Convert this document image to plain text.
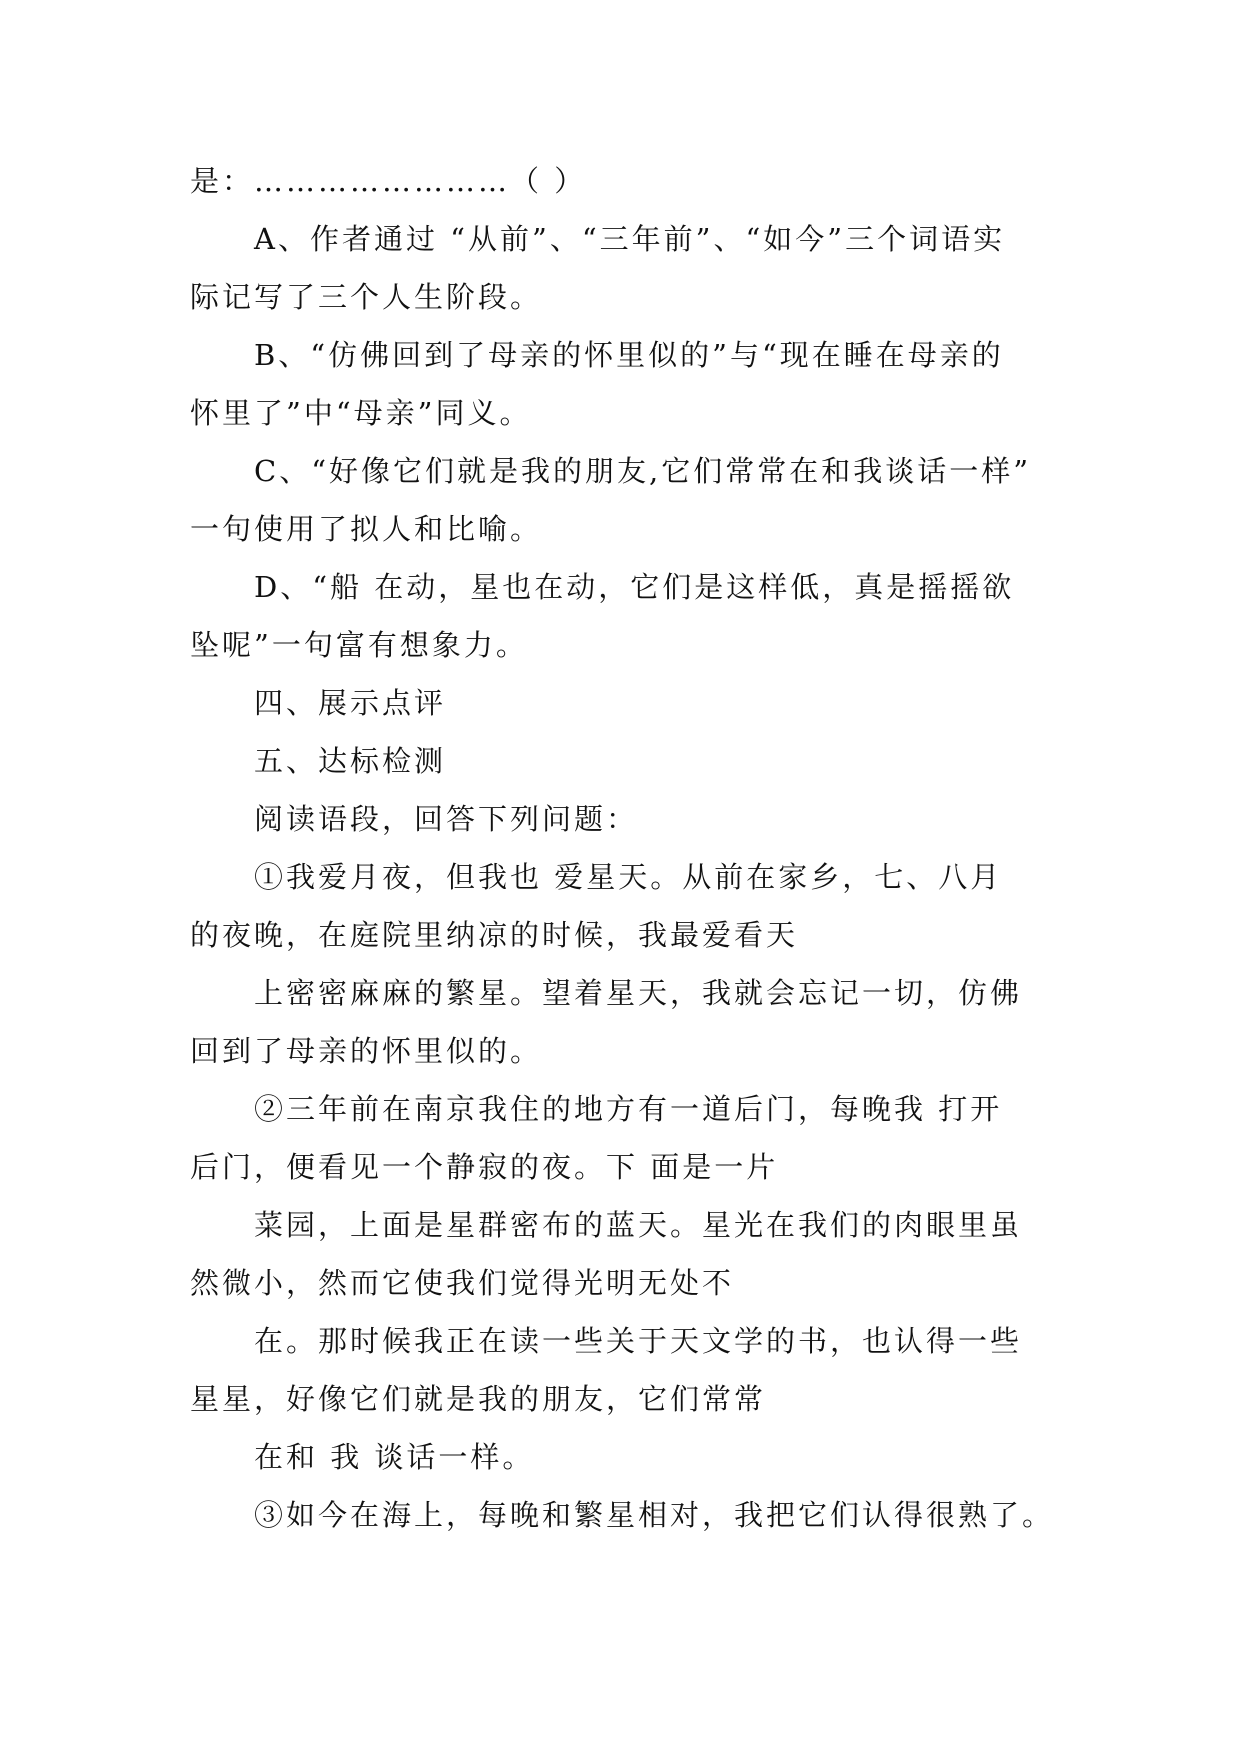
是：……………………（ ）
A、作者通过 “从前”、“三年前”、“如今”三个词语实
际记写了三个人生阶段。
B、“仿佛回到了母亲的怀里似的”与“现在睡在母亲的
怀里了”中“母亲”同义。
C、“好像它们就是我的朋友,它们常常在和我谈话一样”
一句使用了拟人和比喻。
D、“船 在动，星也在动，它们是这样低，真是摇摇欲
坠呢”一句富有想象力。
四、展示点评
五、达标检测
阅读语段，回答下列问题：
①我爱月夜，但我也 爱星天。从前在家乡，七、八月
的夜晚，在庭院里纳凉的时候，我最爱看天
上密密麻麻的繁星。望着星天，我就会忘记一切，仿佛
回到了母亲的怀里似的。
②三年前在南京我住的地方有一道后门，每晚我 打开
后门，便看见一个静寂的夜。下 面是一片
菜园，上面是星群密布的蓝天。星光在我们的肉眼里虽
然微小，然而它使我们觉得光明无处不
在。那时候我正在读一些关于天文学的书，也认得一些
星星，好像它们就是我的朋友，它们常常
在和 我 谈话一样。
③如今在海上，每晚和繁星相对，我把它们认得很熟了。
